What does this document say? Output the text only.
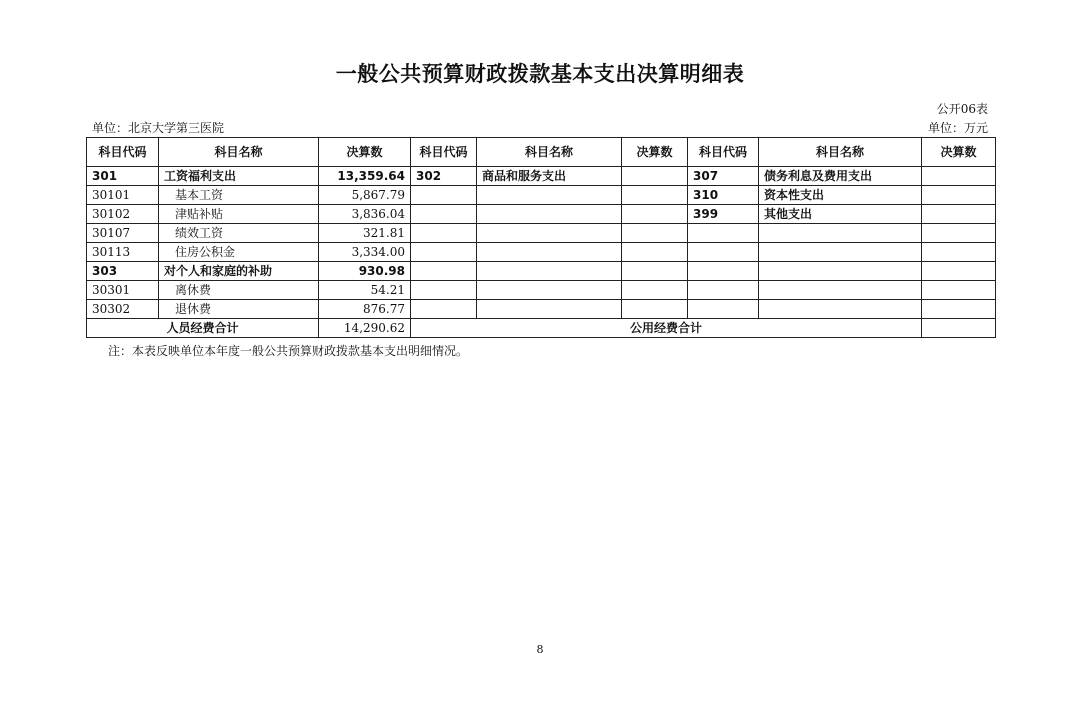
一般公共预算财政拨款基本支出决算明细表
公开06表
单位：北京大学第三医院	单位：万元
科目代码	科目名称	决算数	科目代码	科目名称	决算数	科目代码	科目名称	决算数
301	工资福利支出	13,359.64	302	商品和服务支出		307	债务利息及费用支出	
30101	基本工资	5,867.79				310	资本性支出	
30102	津贴补贴	3,836.04				399	其他支出	
30107	绩效工资	321.81						
30113	住房公积金	3,334.00						
303	对个人和家庭的补助	930.98						
30301	离休费	54.21						
30302	退休费	876.77						
人员经费合计		14,290.62	公用经费合计					
注：本表反映单位本年度一般公共预算财政拨款基本支出明细情况。
8
